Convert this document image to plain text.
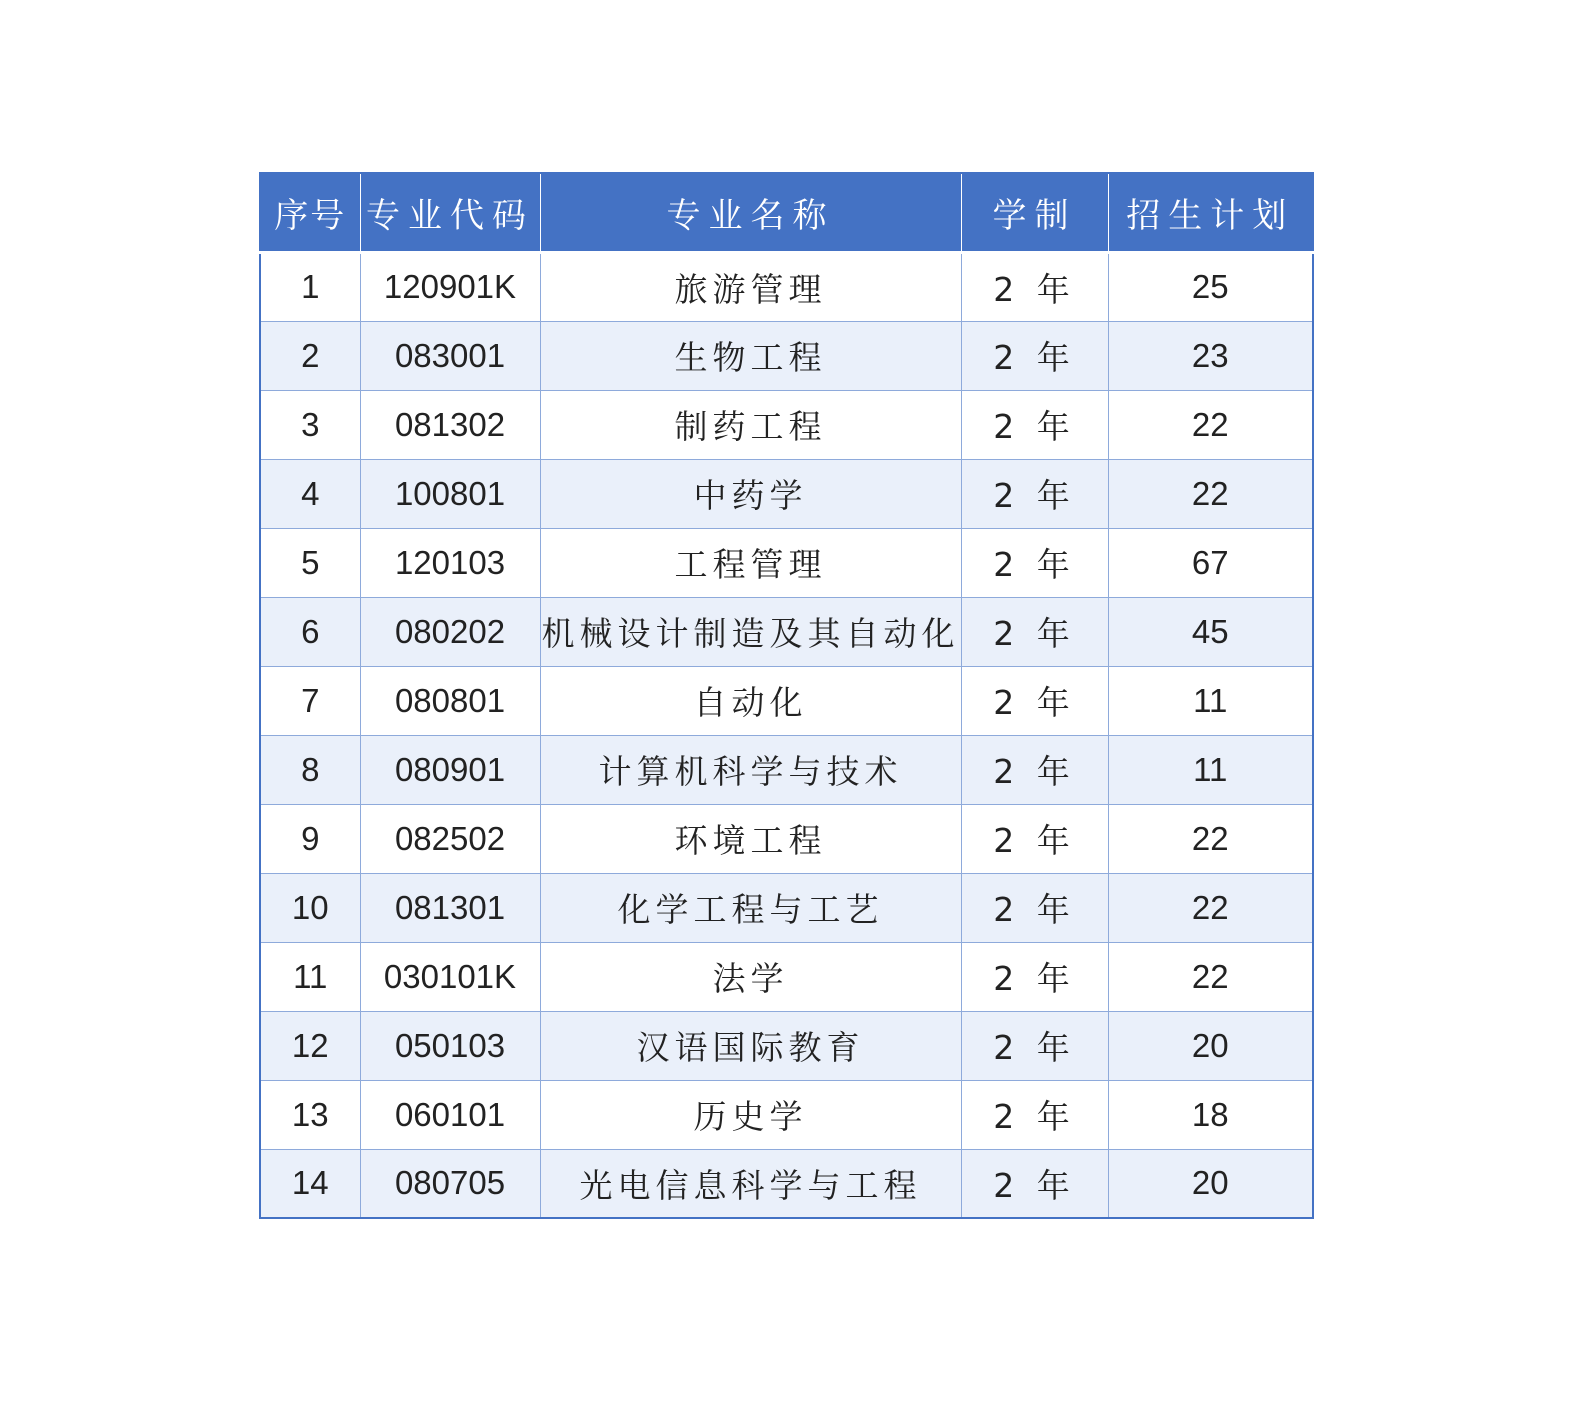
序号	专业代码	专业名称	学制	招生计划
1	120901K	旅游管理	2 年	25
2	083001	生物工程	2 年	23
3	081302	制药工程	2 年	22
4	100801	中药学	2 年	22
5	120103	工程管理	2 年	67
6	080202	机械设计制造及其自动化	2 年	45
7	080801	自动化	2 年	11
8	080901	计算机科学与技术	2 年	11
9	082502	环境工程	2 年	22
10	081301	化学工程与工艺	2 年	22
11	030101K	法学	2 年	22
12	050103	汉语国际教育	2 年	20
13	060101	历史学	2 年	18
14	080705	光电信息科学与工程	2 年	20
